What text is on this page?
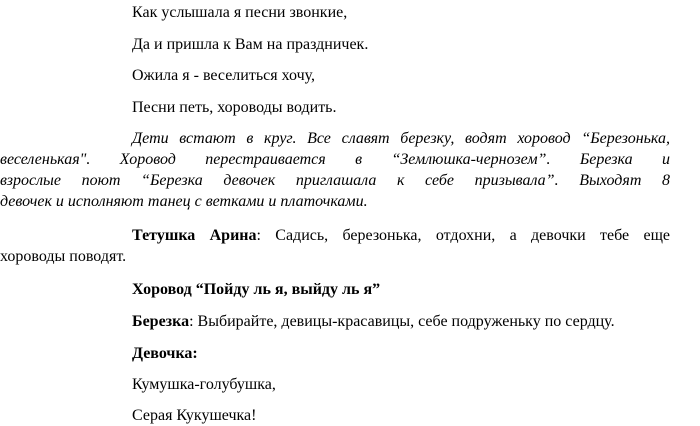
Как услышала я песни звонкие,
Да и пришла к Вам на праздничек.
Ожила я - веселиться хочу,
Песни петь, хороводы водить.
Дети встают в круг. Все славят березку, водят хоровод “Березонька,
веселенькая". Хоровод перестраивается в “Землюшка-чернозем”. Березка и
взрослые поют “Березка девочек приглашала к себе призывала”. Выходят 8
девочек и исполняют танец с ветками и платочками.
Тетушка Арина: Садись, березонька, отдохни, а девочки тебе еще
хороводы поводят.
Хоровод “Пойду ль я, выйду ль я”
Березка: Выбирайте, девицы-красавицы, себе подруженьку по сердцу.
Девочка:
Кумушка-голубушка,
Серая Кукушечка!
